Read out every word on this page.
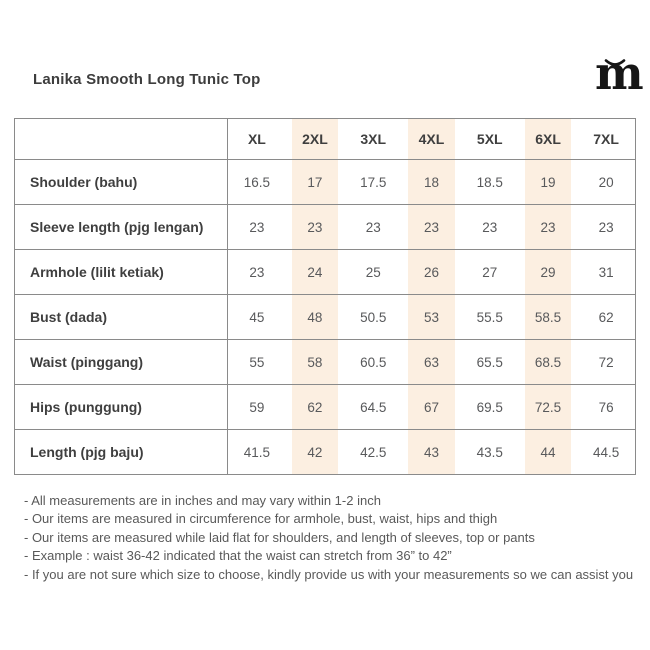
Lanika Smooth Long Tunic Top	m
	XL	2XL	3XL	4XL	5XL	6XL	7XL
Shoulder (bahu)	16.5	17	17.5	18	18.5	19	20
Sleeve length (pjg lengan)	23	23	23	23	23	23	23
Armhole (lilit ketiak)	23	24	25	26	27	29	31
Bust (dada)	45	48	50.5	53	55.5	58.5	62
Waist (pinggang)	55	58	60.5	63	65.5	68.5	72
Hips (punggung)	59	62	64.5	67	69.5	72.5	76
Length (pjg baju)	41.5	42	42.5	43	43.5	44	44.5
- All measurements are in inches and may vary within 1-2 inch
- Our items are measured in circumference for armhole, bust, waist, hips and thigh
- Our items are measured while laid flat for shoulders, and length of sleeves, top or pants
- Example : waist 36-42 indicated that the waist can stretch from 36” to 42”
- If you are not sure which size to choose, kindly provide us with your measurements so we can assist you
